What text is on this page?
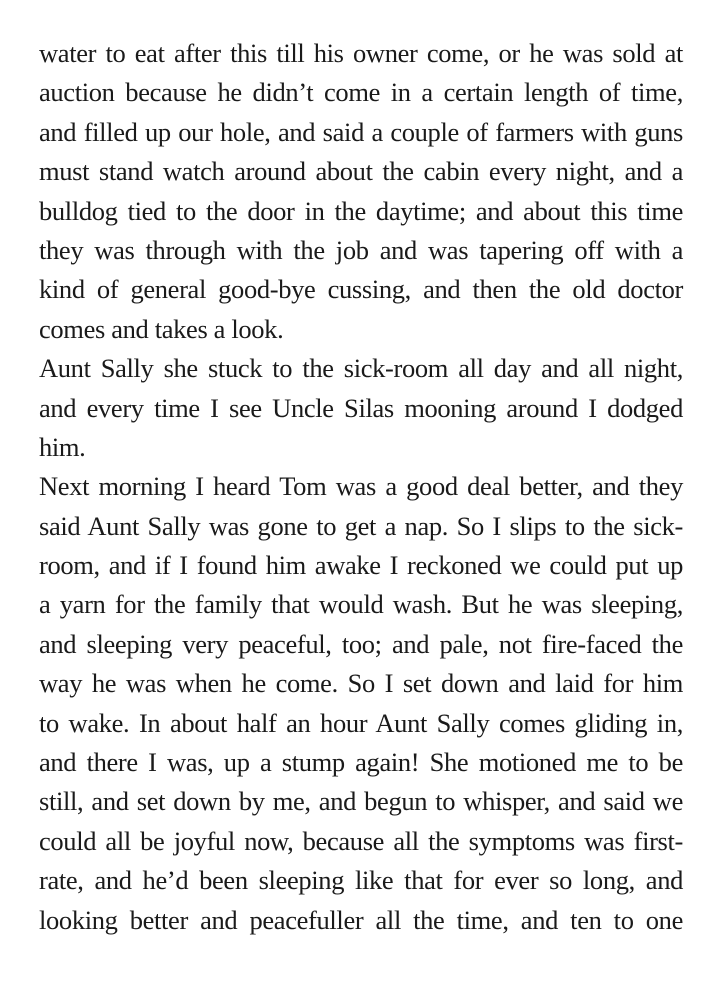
water to eat after this till his owner come, or he was sold at
auction because he didn’t come in a certain length of time,
and filled up our hole, and said a couple of farmers with guns
must stand watch around about the cabin every night, and a
bulldog tied to the door in the daytime; and about this time
they was through with the job and was tapering off with a
kind of general good-bye cussing, and then the old doctor
comes and takes a look.
Aunt Sally she stuck to the sick-room all day and all night,
and every time I see Uncle Silas mooning around I dodged
him.
Next morning I heard Tom was a good deal better, and they
said Aunt Sally was gone to get a nap. So I slips to the sick-
room, and if I found him awake I reckoned we could put up
a yarn for the family that would wash. But he was sleeping,
and sleeping very peaceful, too; and pale, not fire-faced the
way he was when he come. So I set down and laid for him
to wake. In about half an hour Aunt Sally comes gliding in,
and there I was, up a stump again! She motioned me to be
still, and set down by me, and begun to whisper, and said we
could all be joyful now, because all the symptoms was first-
rate, and he’d been sleeping like that for ever so long, and
looking better and peacefuller all the time, and ten to one
